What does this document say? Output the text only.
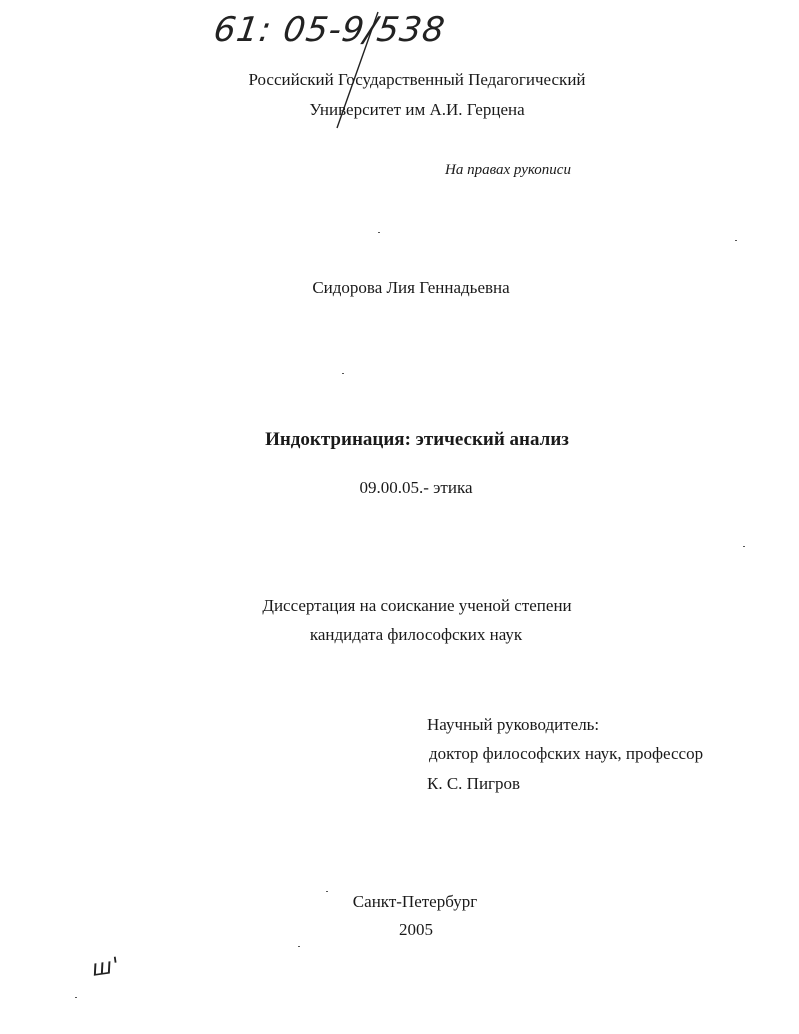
61: 05-9/538
Российский Государственный Педагогический
Университет им А.И. Герцена
На правах рукописи
Сидорова Лия Геннадьевна
Индоктринация: этический анализ
09.00.05.- этика
Диссертация на соискание ученой степени
кандидата философских наук
Научный руководитель:
доктор философских наук, профессор
К. С. Пигров
Санкт-Петербург
2005
ш'
